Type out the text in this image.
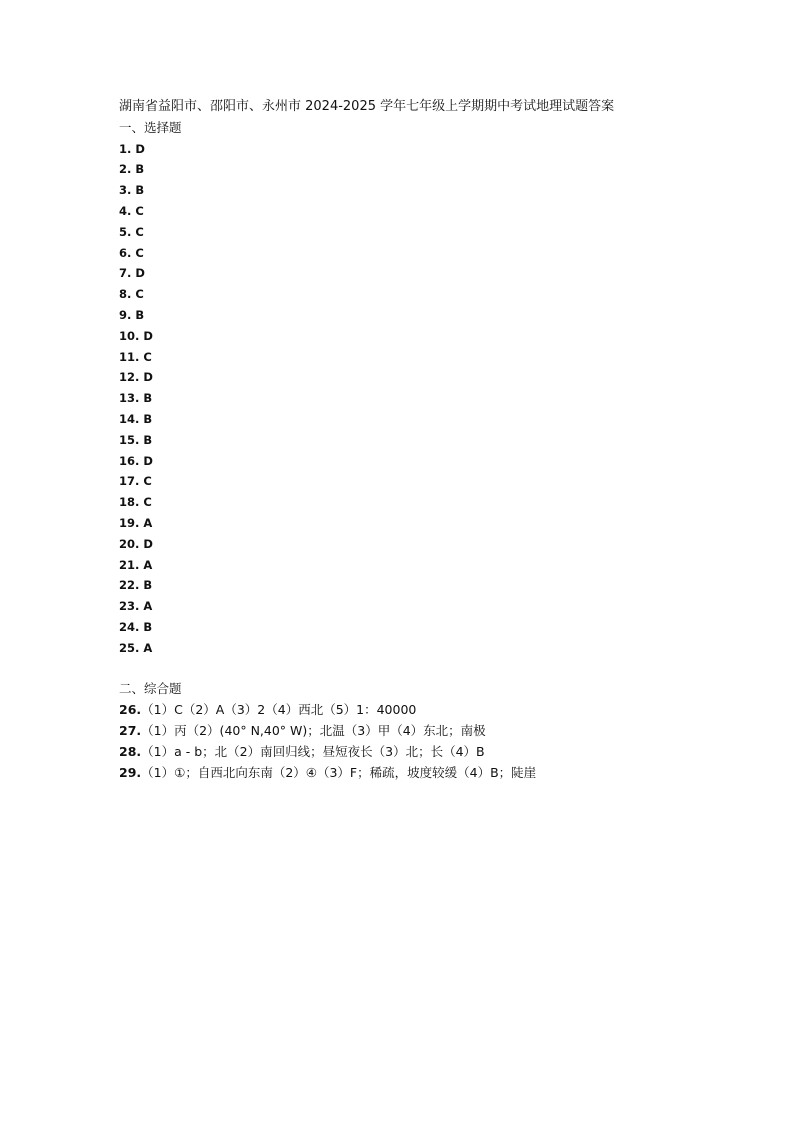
湖南省益阳市、邵阳市、永州市 2024-2025 学年七年级上学期期中考试地理试题答案
一、选择题
1. D
2. B
3. B
4. C
5. C
6. C
7. D
8. C
9. B
10. D
11. C
12. D
13. B
14. B
15. B
16. D
17. C
18. C
19. A
20. D
21. A
22. B
23. A
24. B
25. A
二、综合题
26.（1）C（2）A（3）2（4）西北（5）1：40000
27.（1）丙（2）(40° N,40° W)；北温（3）甲（4）东北；南极
28.（1）a - b；北（2）南回归线；昼短夜长（3）北；长（4）B
29.（1）①；自西北向东南（2）④（3）F；稀疏，坡度较缓（4）B；陡崖
